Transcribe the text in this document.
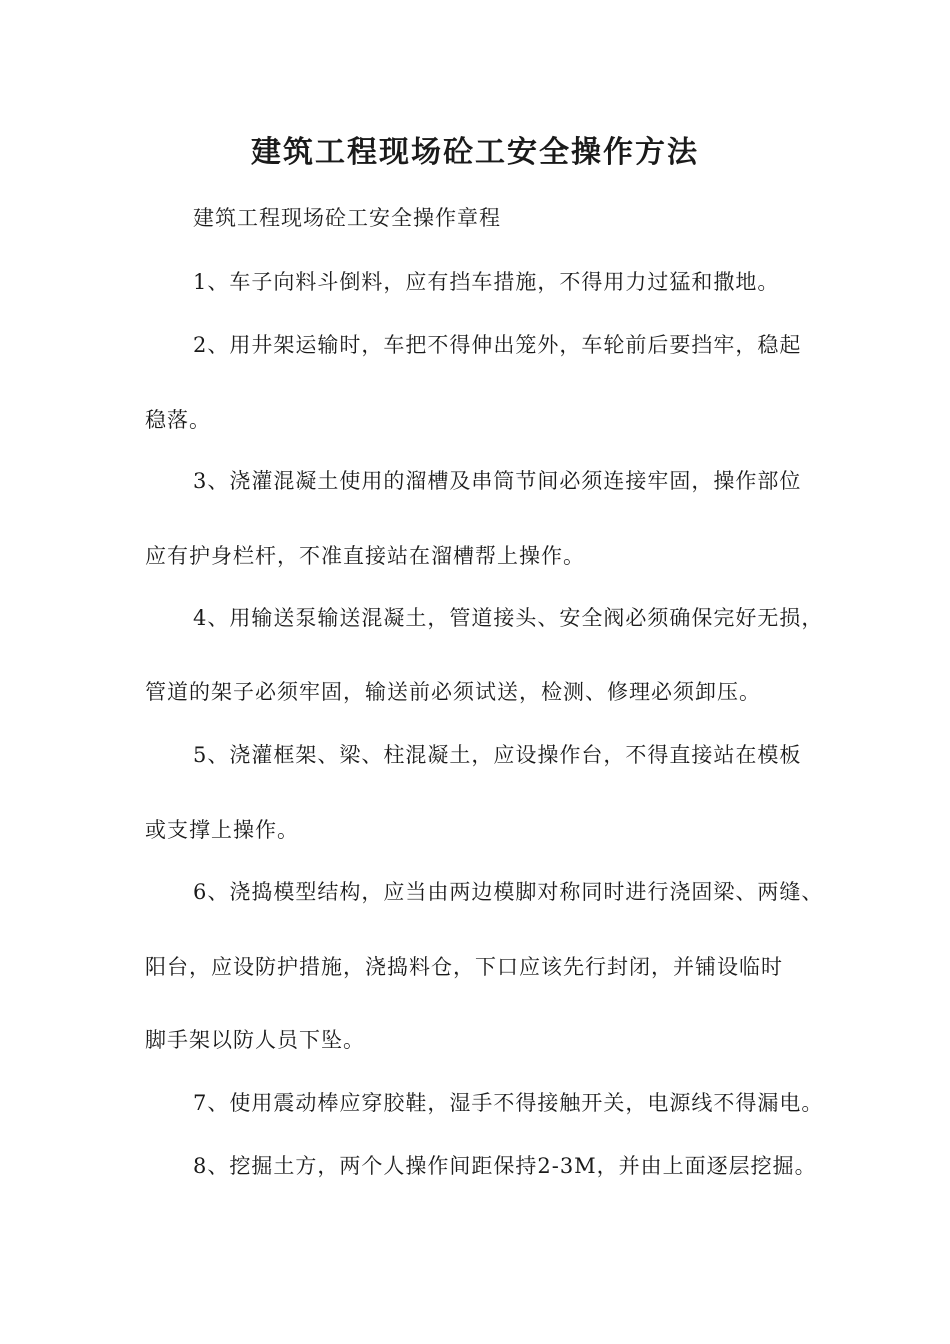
建筑工程现场砼工安全操作方法
建筑工程现场砼工安全操作章程
1、车子向料斗倒料，应有挡车措施，不得用力过猛和撒地。
2、用井架运输时，车把不得伸出笼外，车轮前后要挡牢，稳起
稳落。
3、浇灌混凝土使用的溜槽及串筒节间必须连接牢固，操作部位
应有护身栏杆，不准直接站在溜槽帮上操作。
4、用输送泵输送混凝土，管道接头、安全阀必须确保完好无损，
管道的架子必须牢固，输送前必须试送，检测、修理必须卸压。
5、浇灌框架、梁、柱混凝土，应设操作台，不得直接站在模板
或支撑上操作。
6、浇捣模型结构，应当由两边模脚对称同时进行浇固梁、两缝、
阳台，应设防护措施，浇捣料仓，下口应该先行封闭，并铺设临时
脚手架以防人员下坠。
7、使用震动棒应穿胶鞋，湿手不得接触开关，电源线不得漏电。
8、挖掘土方，两个人操作间距保持2-3M，并由上面逐层挖掘。
